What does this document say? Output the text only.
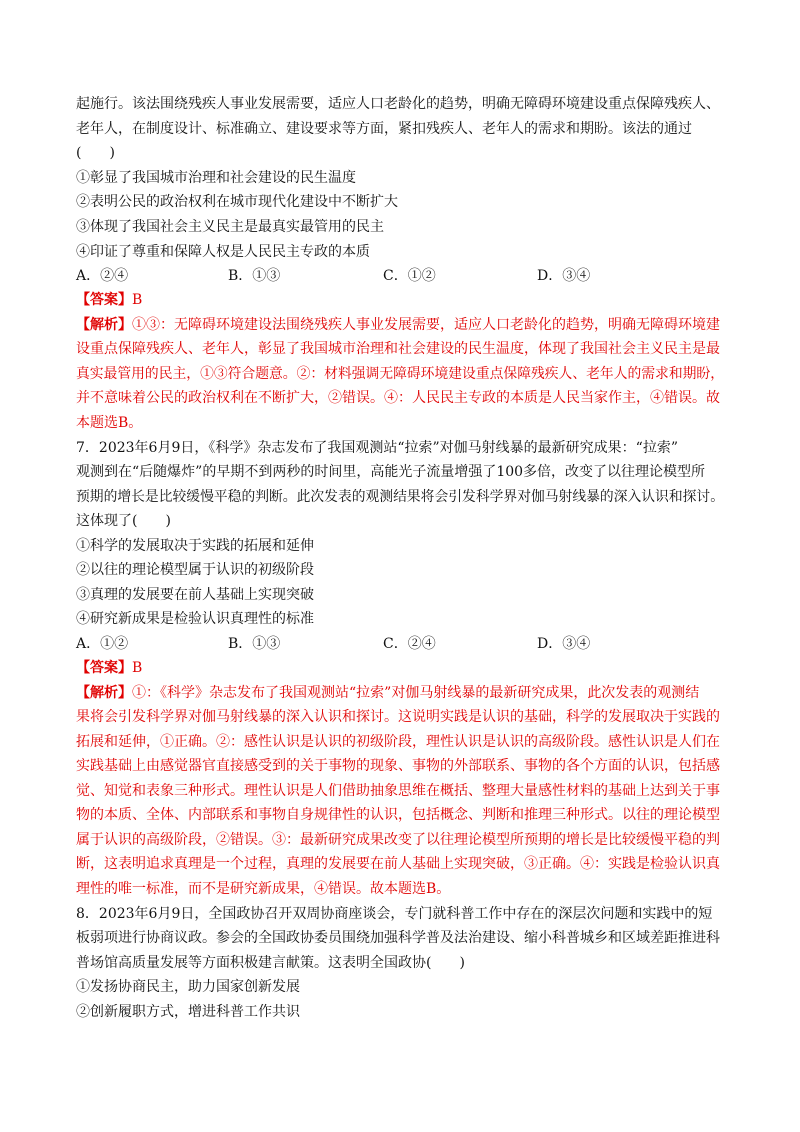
起施行。该法围绕残疾人事业发展需要，适应人口老龄化的趋势，明确无障碍环境建设重点保障残疾人、
老年人，在制度设计、标准确立、建设要求等方面，紧扣残疾人、老年人的需求和期盼。该法的通过
(　　)
①彰显了我国城市治理和社会建设的民生温度
②表明公民的政治权利在城市现代化建设中不断扩大
③体现了我国社会主义民主是最真实最管用的民主
④印证了尊重和保障人权是人民民主专政的本质
A．②④	B．①③	C．①②	D．③④
【答案】B
【解析】①③：无障碍环境建设法围绕残疾人事业发展需要，适应人口老龄化的趋势，明确无障碍环境建
设重点保障残疾人、老年人，彰显了我国城市治理和社会建设的民生温度，体现了我国社会主义民主是最
真实最管用的民主，①③符合题意。②：材料强调无障碍环境建设重点保障残疾人、老年人的需求和期盼，
并不意味着公民的政治权利在不断扩大，②错误。④：人民民主专政的本质是人民当家作主，④错误。故
本题选B。
7．2023年6月9日，《科学》杂志发布了我国观测站“拉索”对伽马射线暴的最新研究成果：“拉索”
观测到在“后随爆炸”的早期不到两秒的时间里，高能光子流量增强了100多倍，改变了以往理论模型所
预期的增长是比较缓慢平稳的判断。此次发表的观测结果将会引发科学界对伽马射线暴的深入认识和探讨。
这体现了(　　)
①科学的发展取决于实践的拓展和延伸
②以往的理论模型属于认识的初级阶段
③真理的发展要在前人基础上实现突破
④研究新成果是检验认识真理性的标准
A．①②	B．①③	C．②④	D．③④
【答案】B
【解析】①：《科学》杂志发布了我国观测站“拉索”对伽马射线暴的最新研究成果，此次发表的观测结
果将会引发科学界对伽马射线暴的深入认识和探讨。这说明实践是认识的基础，科学的发展取决于实践的
拓展和延伸，①正确。②：感性认识是认识的初级阶段，理性认识是认识的高级阶段。感性认识是人们在
实践基础上由感觉器官直接感受到的关于事物的现象、事物的外部联系、事物的各个方面的认识，包括感
觉、知觉和表象三种形式。理性认识是人们借助抽象思维在概括、整理大量感性材料的基础上达到关于事
物的本质、全体、内部联系和事物自身规律性的认识，包括概念、判断和推理三种形式。以往的理论模型
属于认识的高级阶段，②错误。③：最新研究成果改变了以往理论模型所预期的增长是比较缓慢平稳的判
断，这表明追求真理是一个过程，真理的发展要在前人基础上实现突破，③正确。④：实践是检验认识真
理性的唯一标准，而不是研究新成果，④错误。故本题选B。
8．2023年6月9日，全国政协召开双周协商座谈会，专门就科普工作中存在的深层次问题和实践中的短
板弱项进行协商议政。参会的全国政协委员围绕加强科学普及法治建设、缩小科普城乡和区域差距推进科
普场馆高质量发展等方面积极建言献策。这表明全国政协(　　)
①发扬协商民主，助力国家创新发展
②创新履职方式，增进科普工作共识
